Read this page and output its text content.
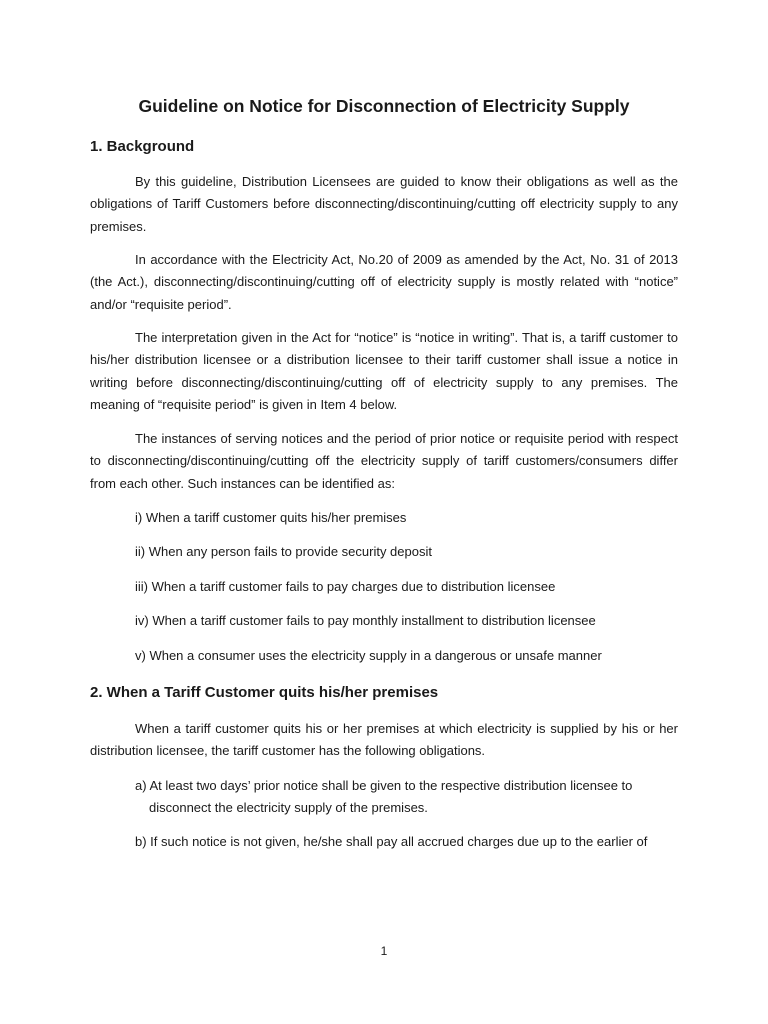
Guideline on Notice for Disconnection of Electricity Supply
1. Background

By this guideline, Distribution Licensees are guided to know their obligations as well as the obligations of Tariff Customers before disconnecting/discontinuing/cutting off electricity supply to any premises.

In accordance with the Electricity Act, No.20 of 2009 as amended by the Act, No. 31 of 2013 (the Act.), disconnecting/discontinuing/cutting off of electricity supply is mostly related with “notice” and/or “requisite period”.

The interpretation given in the Act for “notice” is “notice in writing”. That is, a tariff customer to his/her distribution licensee or a distribution licensee to their tariff customer shall issue a notice in writing before disconnecting/discontinuing/cutting off of electricity supply to any premises. The meaning of “requisite period” is given in Item 4 below.

The instances of serving notices and the period of prior notice or requisite period with respect to disconnecting/discontinuing/cutting off the electricity supply of tariff customers/consumers differ from each other. Such instances can be identified as:

i) When a tariff customer quits his/her premises

ii) When any person fails to provide security deposit

iii) When a tariff customer fails to pay charges due to distribution licensee

iv) When a tariff customer fails to pay monthly installment to distribution licensee

v) When a consumer uses the electricity supply in a dangerous or unsafe manner

2. When a Tariff Customer quits his/her premises

When a tariff customer quits his or her premises at which electricity is supplied by his or her distribution licensee, the tariff customer has the following obligations.

a) At least two days’ prior notice shall be given to the respective distribution licensee to disconnect the electricity supply of the premises.

b) If such notice is not given, he/she shall pay all accrued charges due up to the earlier of

1
